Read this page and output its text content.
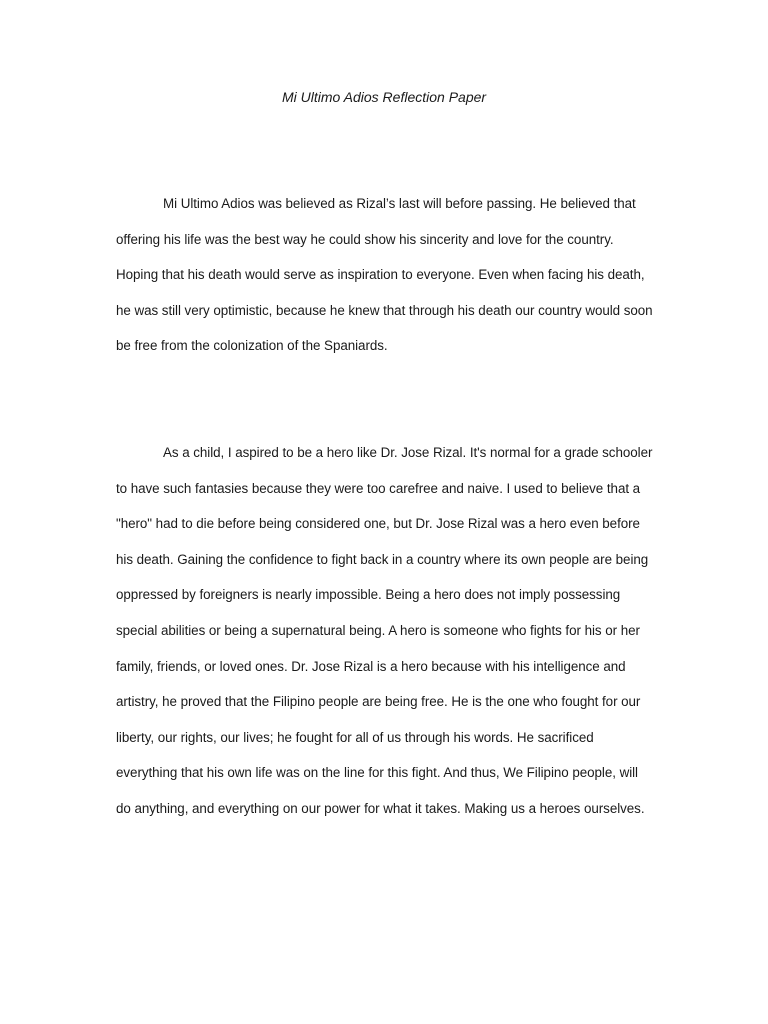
Mi Ultimo Adios Reflection Paper

Mi Ultimo Adios was believed as Rizal’s last will before passing. He believed that offering his life was the best way he could show his sincerity and love for the country. Hoping that his death would serve as inspiration to everyone. Even when facing his death, he was still very optimistic, because he knew that through his death our country would soon be free from the colonization of the Spaniards.

As a child, I aspired to be a hero like Dr. Jose Rizal. It's normal for a grade schooler to have such fantasies because they were too carefree and naive. I used to believe that a "hero" had to die before being considered one, but Dr. Jose Rizal was a hero even before his death. Gaining the confidence to fight back in a country where its own people are being oppressed by foreigners is nearly impossible. Being a hero does not imply possessing special abilities or being a supernatural being. A hero is someone who fights for his or her family, friends, or loved ones. Dr. Jose Rizal is a hero because with his intelligence and artistry, he proved that the Filipino people are being free. He is the one who fought for our liberty, our rights, our lives; he fought for all of us through his words. He sacrificed everything that his own life was on the line for this fight. And thus, We Filipino people, will do anything, and everything on our power for what it takes. Making us a heroes ourselves.
